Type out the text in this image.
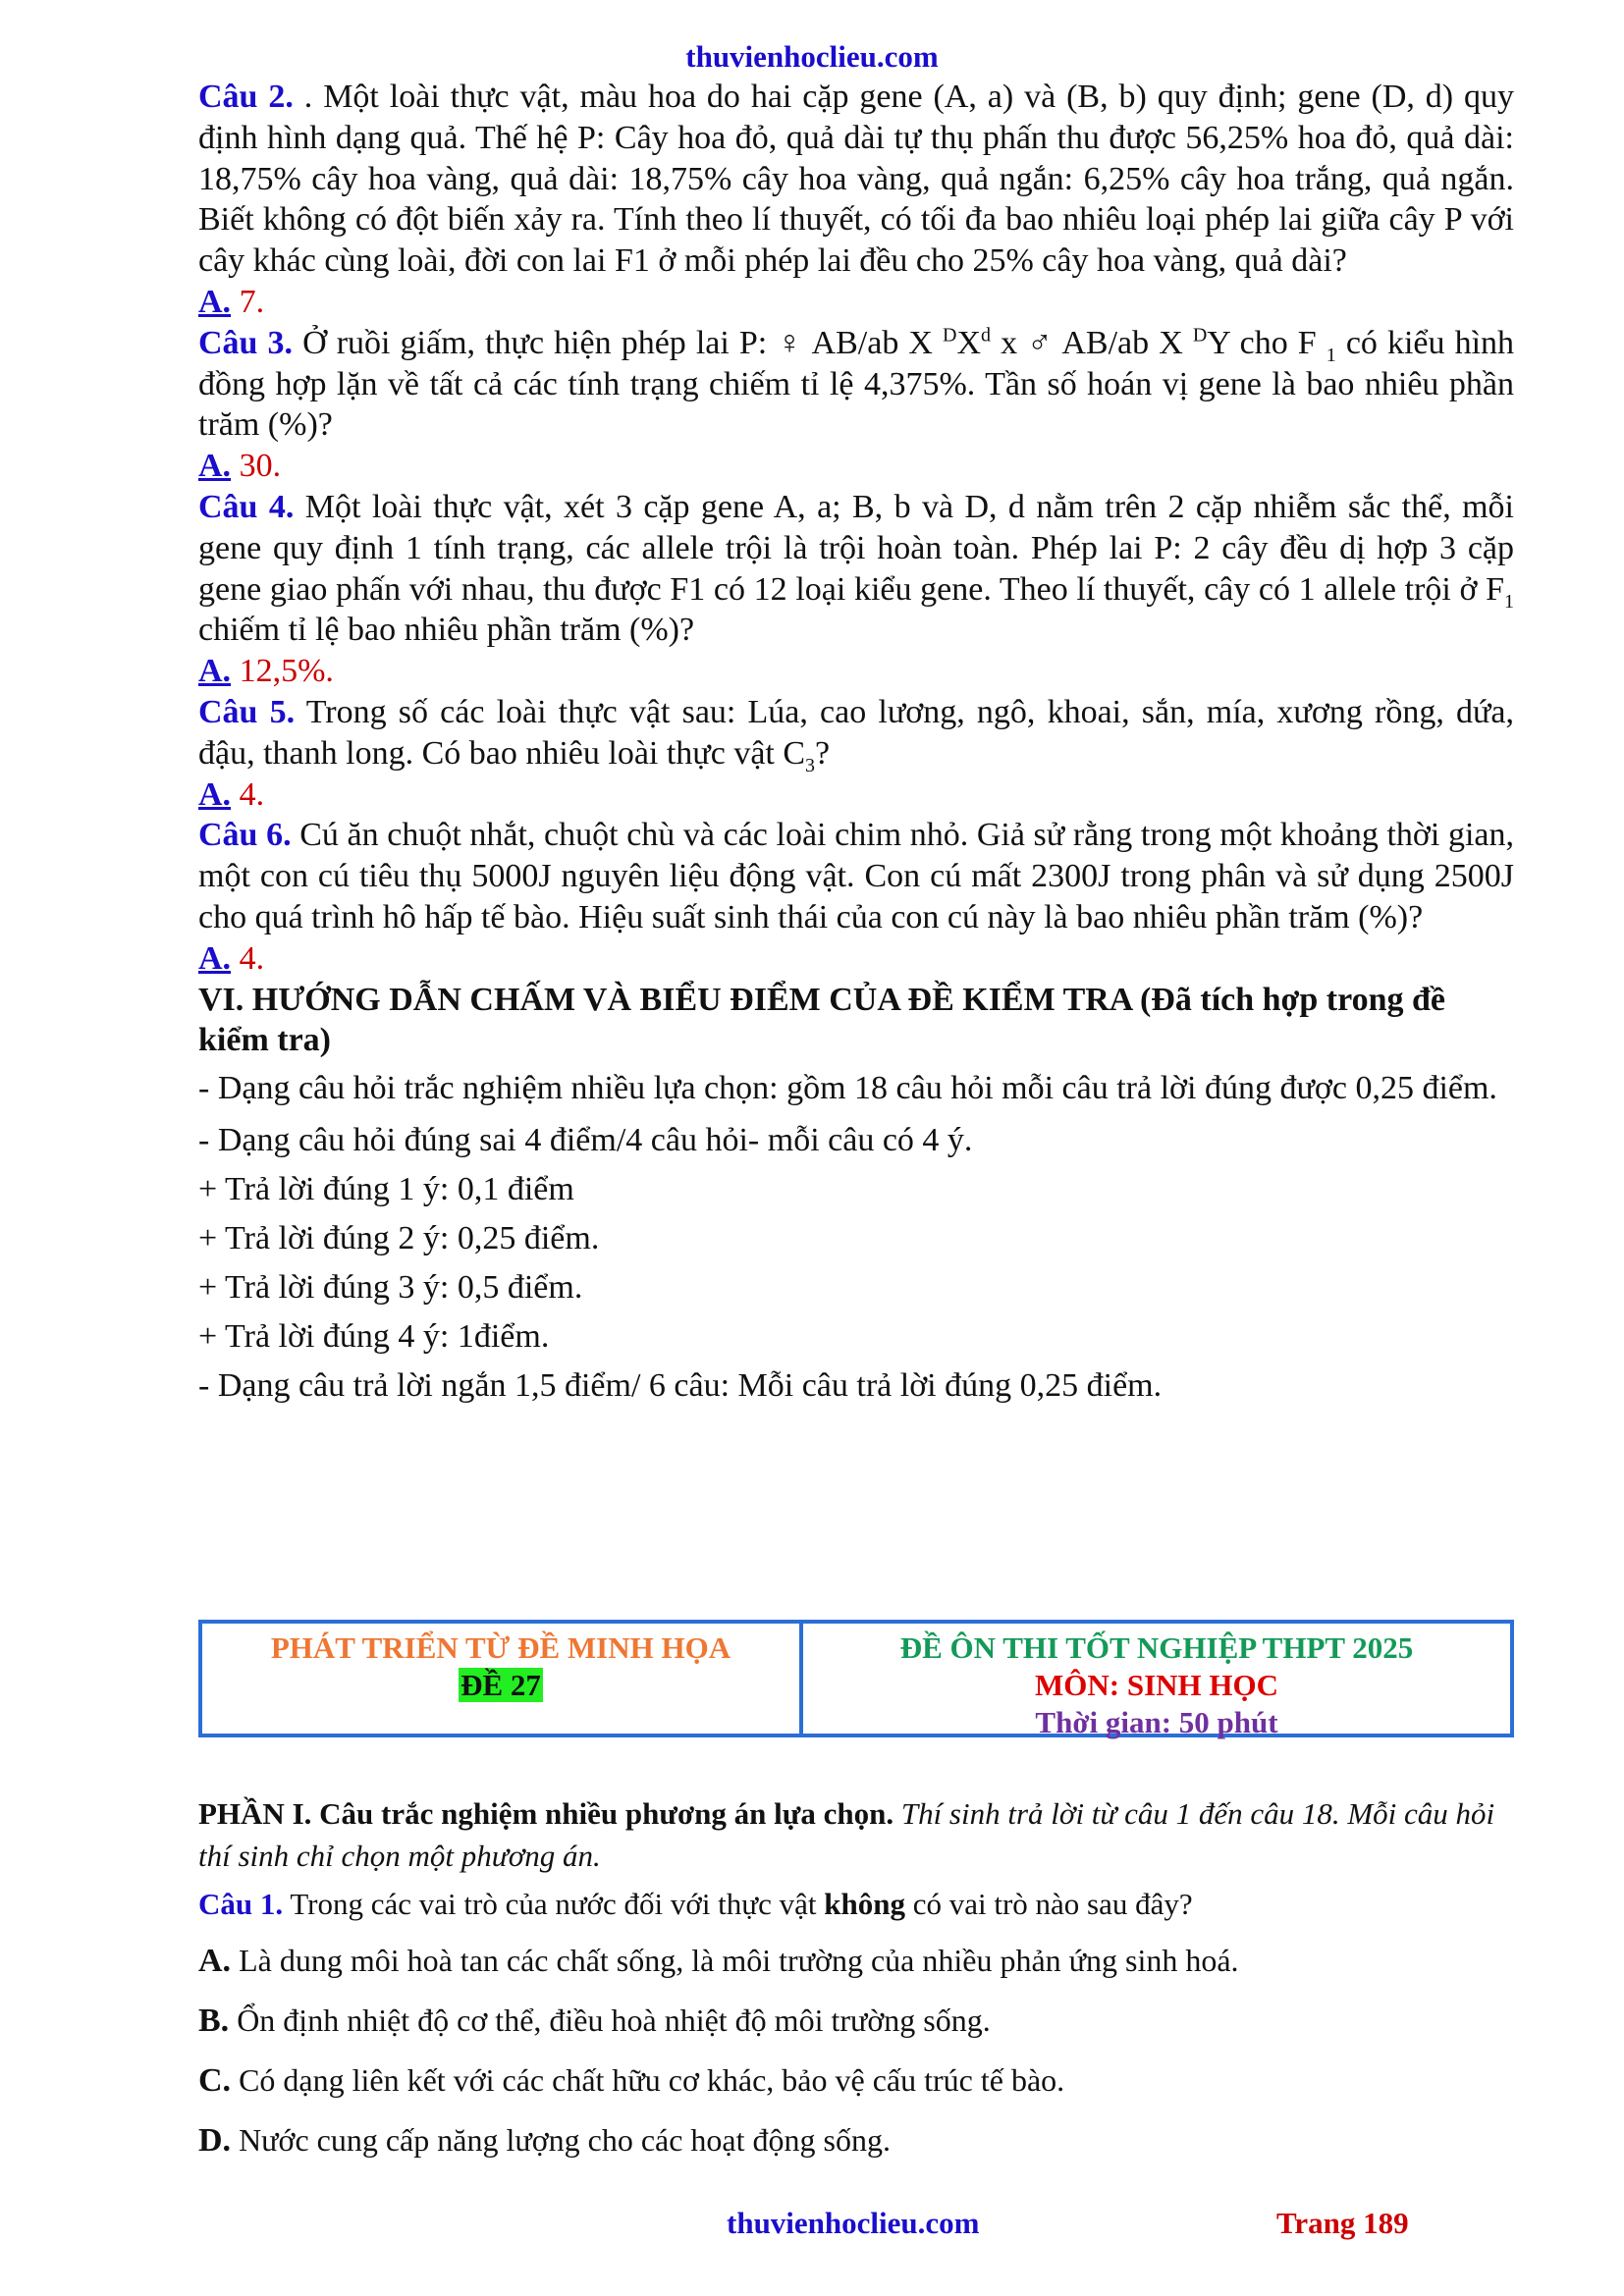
thuvienhoclieu.com

Câu 2. . Một loài thực vật, màu hoa do hai cặp gene (A, a) và (B, b) quy định; gene (D, d) quy định hình dạng quả. Thế hệ P: Cây hoa đỏ, quả dài tự thụ phấn thu được 56,25% hoa đỏ, quả dài: 18,75% cây hoa vàng, quả dài: 18,75% cây hoa vàng, quả ngắn: 6,25% cây hoa trắng, quả ngắn. Biết không có đột biến xảy ra. Tính theo lí thuyết, có tối đa bao nhiêu loại phép lai giữa cây P với cây khác cùng loài, đời con lai F1 ở mỗi phép lai đều cho 25% cây hoa vàng, quả dài?

A. 7.

Câu 3. Ở ruồi giấm, thực hiện phép lai P: ♀ AB/ab X $^DX^d$ x ♂ AB/ab X $^D$Y cho F $_1$ có kiểu hình đồng hợp lặn về tất cả các tính trạng chiếm tỉ lệ 4,375%. Tần số hoán vị gene là bao nhiêu phần trăm (%)?

A. 30.

Câu 4. Một loài thực vật, xét 3 cặp gene A, a; B, b và D, d nằm trên 2 cặp nhiễm sắc thể, mỗi gene quy định 1 tính trạng, các allele trội là trội hoàn toàn. Phép lai P: 2 cây đều dị hợp 3 cặp gene giao phấn với nhau, thu được F1 có 12 loại kiểu gene. Theo lí thuyết, cây có 1 allele trội ở $F_1$ chiếm tỉ lệ bao nhiêu phần trăm (%)?

A. 12,5%.

Câu 5. Trong số các loài thực vật sau: Lúa, cao lương, ngô, khoai, sắn, mía, xương rồng, dứa, đậu, thanh long. Có bao nhiêu loài thực vật $C_3$?

A. 4.

Câu 6. Cú ăn chuột nhắt, chuột chù và các loài chim nhỏ. Giả sử rằng trong một khoảng thời gian, một con cú tiêu thụ 5000J nguyên liệu động vật. Con cú mất 2300J trong phân và sử dụng 2500J cho quá trình hô hấp tế bào. Hiệu suất sinh thái của con cú này là bao nhiêu phần trăm (%)?

A. 4.

VI. HƯỚNG DẪN CHẤM VÀ BIỂU ĐIỂM CỦA ĐỀ KIỂM TRA (Đã tích hợp trong đề kiểm tra)

- Dạng câu hỏi trắc nghiệm nhiều lựa chọn: gồm 18 câu hỏi mỗi câu trả lời đúng được 0,25 điểm.

- Dạng câu hỏi đúng sai 4 điểm/4 câu hỏi- mỗi câu có 4 ý.

+ Trả lời đúng 1 ý: 0,1 điểm

+ Trả lời đúng 2 ý: 0,25 điểm.

+ Trả lời đúng 3 ý: 0,5 điểm.

+ Trả lời đúng 4 ý: 1điểm.

- Dạng câu trả lời ngắn 1,5 điểm/ 6 câu: Mỗi câu trả lời đúng 0,25 điểm.

PHÁT TRIỂN TỪ ĐỀ MINH HỌA
ĐỀ 27
ĐỀ ÔN THI TỐT NGHIỆP THPT 2025
MÔN: SINH HỌC
Thời gian: 50 phút

PHẦN I. Câu trắc nghiệm nhiều phương án lựa chọn. Thí sinh trả lời từ câu 1 đến câu 18. Mỗi câu hỏi thí sinh chỉ chọn một phương án.

Câu 1. Trong các vai trò của nước đối với thực vật không có vai trò nào sau đây?

A. Là dung môi hoà tan các chất sống, là môi trường của nhiều phản ứng sinh hoá.

B. Ổn định nhiệt độ cơ thể, điều hoà nhiệt độ môi trường sống.

C. Có dạng liên kết với các chất hữu cơ khác, bảo vệ cấu trúc tế bào.

D. Nước cung cấp năng lượng cho các hoạt động sống.

thuvienhoclieu.com	Trang 189
